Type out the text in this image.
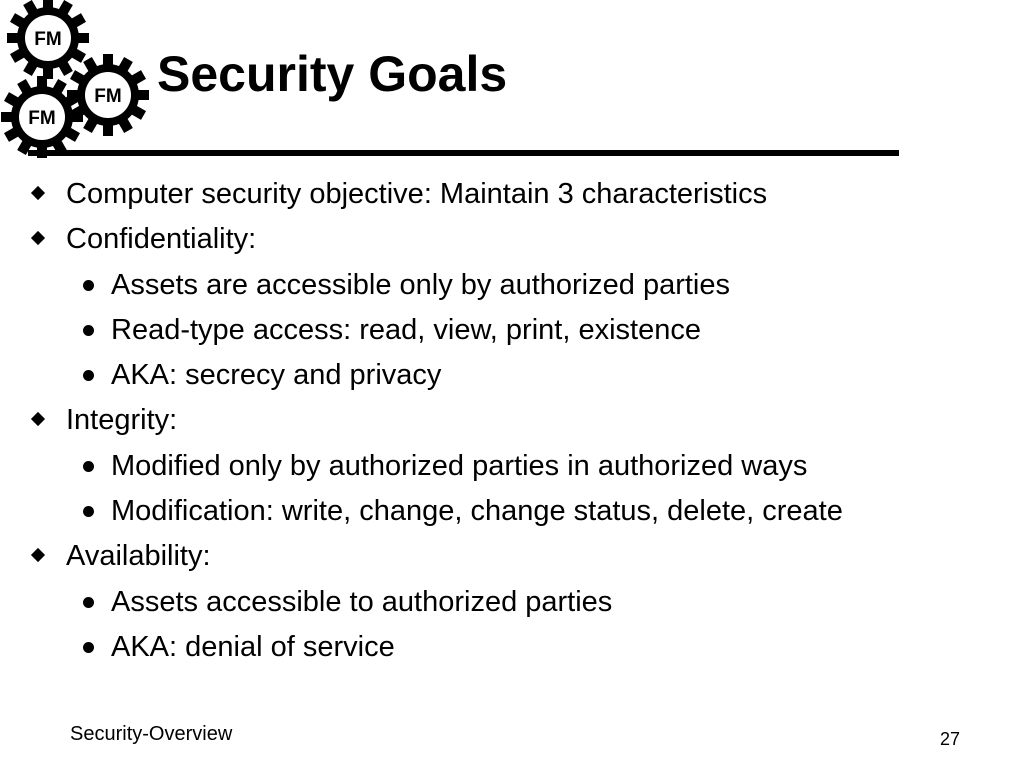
FM
FM
FM
Security Goals
Computer security objective: Maintain 3 characteristics
Confidentiality:
Assets are accessible only by authorized parties
Read-type access: read, view, print, existence
AKA: secrecy and privacy
Integrity:
Modified only by authorized parties in authorized ways
Modification: write, change, change status, delete, create
Availability:
Assets accessible to authorized parties
AKA: denial of service
Security-Overview	27
